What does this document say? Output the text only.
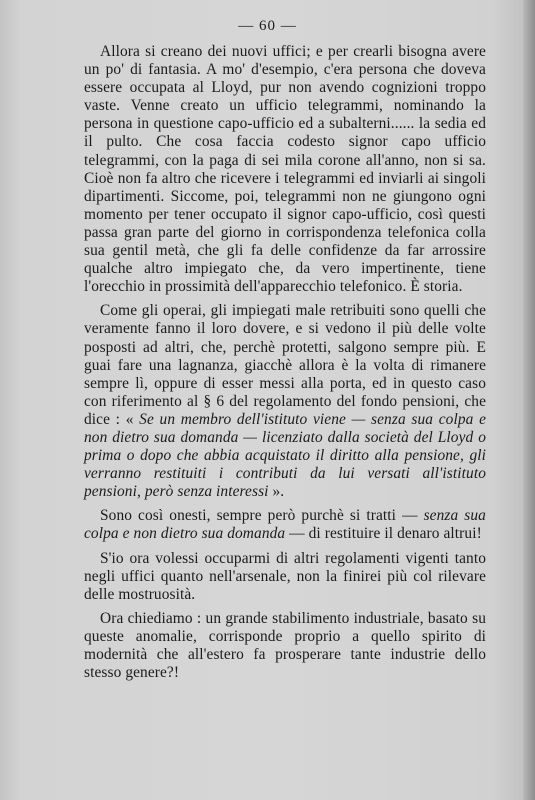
— 60 —

Allora si creano dei nuovi uffici; e per crearli bisogna avere un po' di fantasia. A mo' d'esempio, c'era persona che doveva essere occupata al Lloyd, pur non avendo cognizioni troppo vaste. Venne creato un ufficio telegrammi, nominando la persona in questione capo-ufficio ed a subalterni...... la sedia ed il pulto. Che cosa faccia codesto signor capo ufficio telegrammi, con la paga di sei mila corone all'anno, non si sa. Cioè non fa altro che ricevere i telegrammi ed inviarli ai singoli dipartimenti. Siccome, poi, telegrammi non ne giungono ogni momento per tener occupato il signor capo-ufficio, così questi passa gran parte del giorno in corrispondenza telefonica colla sua gentil metà, che gli fa delle confidenze da far arrossire qualche altro impiegato che, da vero impertinente, tiene l'orecchio in prossimità dell'apparecchio telefonico. È storia.

Come gli operai, gli impiegati male retribuiti sono quelli che veramente fanno il loro dovere, e si vedono il più delle volte posposti ad altri, che, perchè protetti, salgono sempre più. E guai fare una lagnanza, giacchè allora è la volta di rimanere sempre lì, oppure di esser messi alla porta, ed in questo caso con riferimento al § 6 del regolamento del fondo pensioni, che dice : « Se un membro dell'istituto viene — senza sua colpa e non dietro sua domanda — licenziato dalla società del Lloyd o prima o dopo che abbia acquistato il diritto alla pensione, gli verranno restituiti i contributi da lui versati all'istituto pensioni, però senza interessi ».

Sono così onesti, sempre però purchè si tratti — senza sua colpa e non dietro sua domanda — di restituire il denaro altrui!

S'io ora volessi occuparmi di altri regolamenti vigenti tanto negli uffici quanto nell'arsenale, non la finirei più col rilevare delle mostruosità.

Ora chiediamo : un grande stabilimento industriale, basato su queste anomalie, corrisponde proprio a quello spirito di modernità che all'estero fa prosperare tante industrie dello stesso genere?!
